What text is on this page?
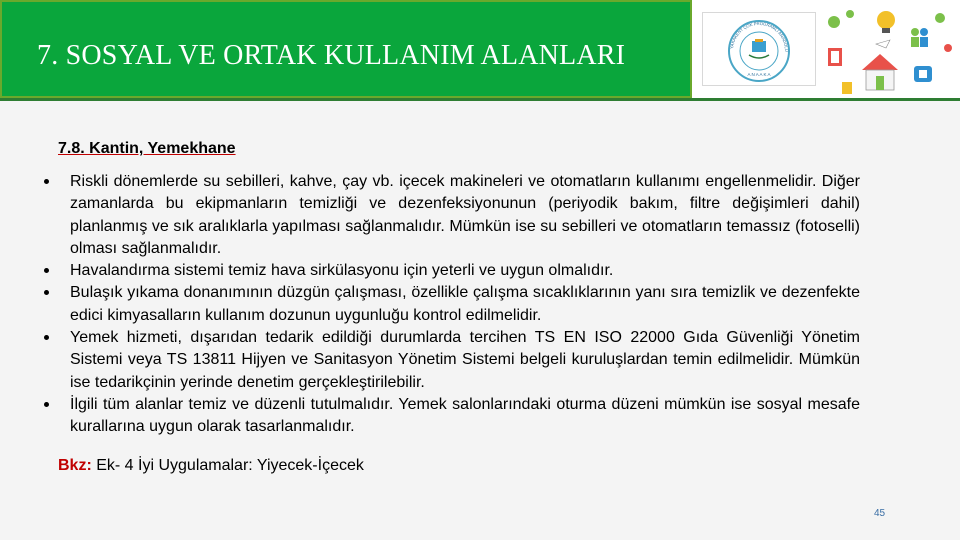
7. SOSYAL VE ORTAK KULLANIM ALANLARI	YAKAKENT ÇOK PROGRAMLI ANADOLU
A N A A K A
7.8. Kantin, Yemekhane
Riskli dönemlerde su sebilleri, kahve, çay vb. içecek makineleri ve otomatların kullanımı engellenmelidir. Diğer zamanlarda bu ekipmanların temizliği ve dezenfeksiyonunun (periyodik bakım, filtre değişimleri dahil) planlanmış ve sık aralıklarla yapılması sağlanmalıdır. Mümkün ise su sebilleri ve otomatların temassız (fotoselli) olması sağlanmalıdır.
Havalandırma sistemi temiz hava sirkülasyonu için yeterli ve uygun olmalıdır.
Bulaşık yıkama donanımının düzgün çalışması, özellikle çalışma sıcaklıklarının yanı sıra temizlik ve dezenfekte edici kimyasalların kullanım dozunun uygunluğu kontrol edilmelidir.
Yemek hizmeti, dışarıdan tedarik edildiği durumlarda tercihen TS EN ISO 22000 Gıda Güvenliği Yönetim Sistemi veya TS 13811 Hijyen ve Sanitasyon Yönetim Sistemi belgeli kuruluşlardan temin edilmelidir. Mümkün ise tedarikçinin yerinde denetim gerçekleştirilebilir.
İlgili tüm alanlar temiz ve düzenli tutulmalıdır. Yemek salonlarındaki oturma düzeni mümkün ise sosyal mesafe kurallarına uygun olarak tasarlanmalıdır.
Bkz: Ek- 4 İyi Uygulamalar: Yiyecek-İçecek
45
